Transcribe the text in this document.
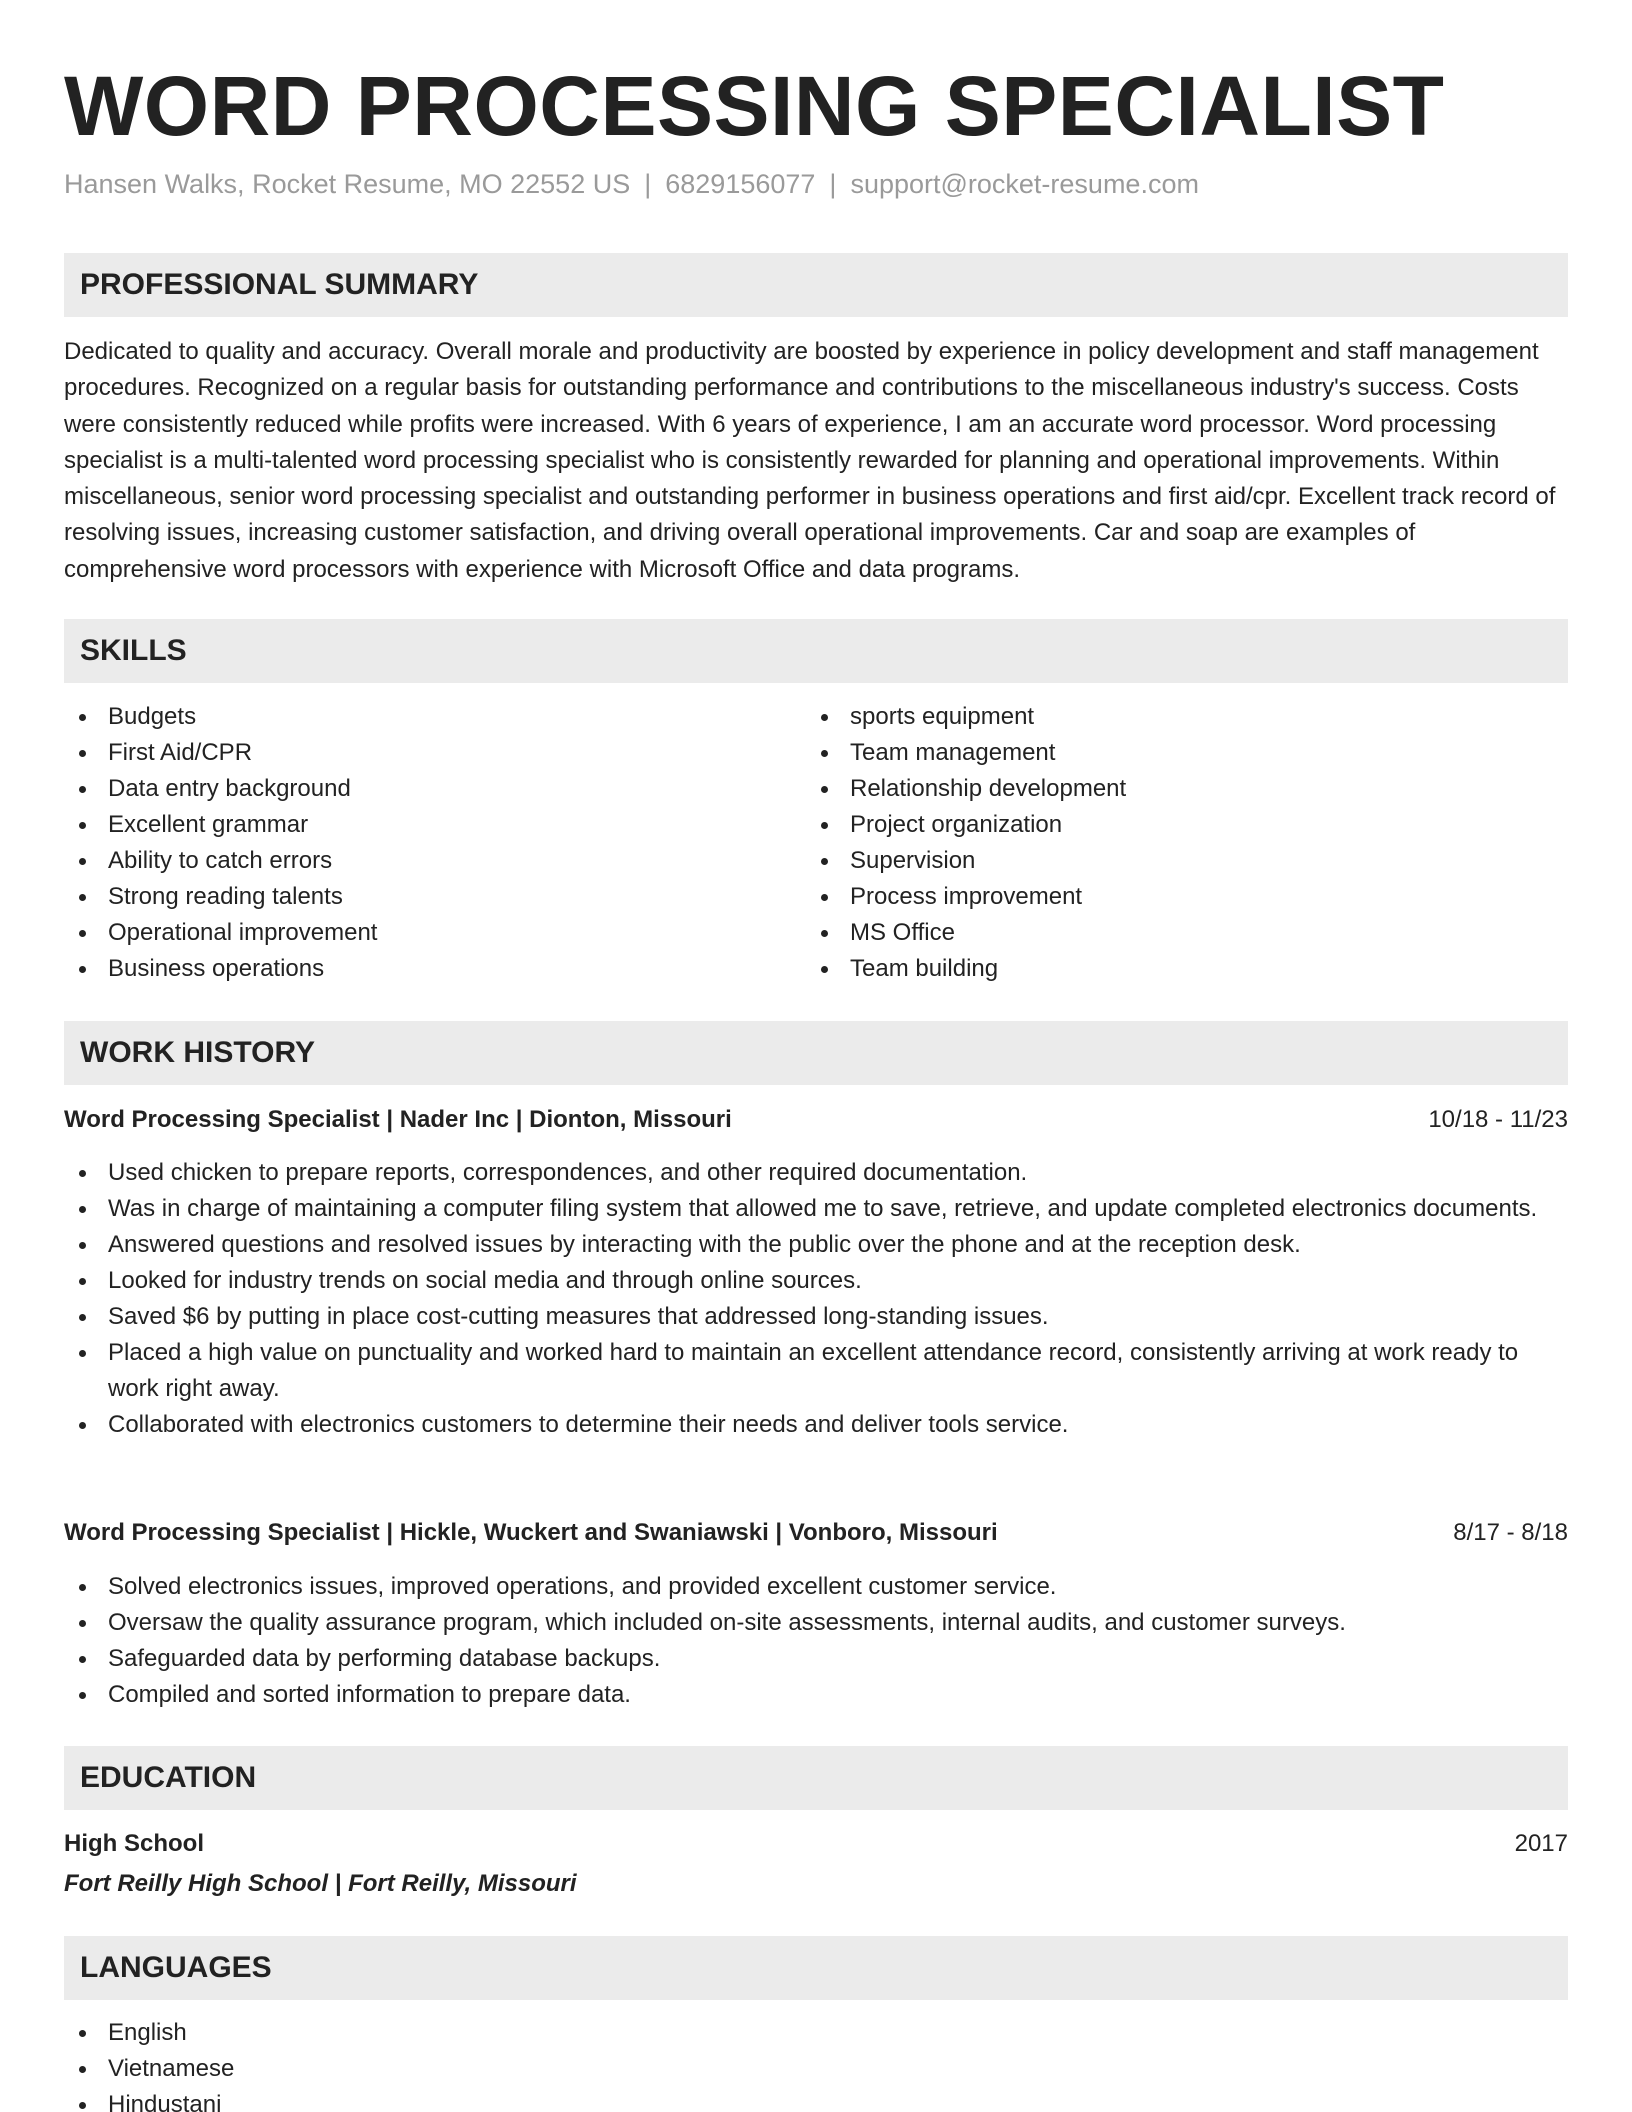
WORD PROCESSING SPECIALIST
Hansen Walks, Rocket Resume, MO 22552 US | 6829156077 | support@rocket-resume.com
PROFESSIONAL SUMMARY
Dedicated to quality and accuracy. Overall morale and productivity are boosted by experience in policy development and staff management procedures. Recognized on a regular basis for outstanding performance and contributions to the miscellaneous industry's success. Costs were consistently reduced while profits were increased. With 6 years of experience, I am an accurate word processor. Word processing specialist is a multi-talented word processing specialist who is consistently rewarded for planning and operational improvements. Within miscellaneous, senior word processing specialist and outstanding performer in business operations and first aid/cpr. Excellent track record of resolving issues, increasing customer satisfaction, and driving overall operational improvements. Car and soap are examples of comprehensive word processors with experience with Microsoft Office and data programs.
SKILLS
Budgets
First Aid/CPR
Data entry background
Excellent grammar
Ability to catch errors
Strong reading talents
Operational improvement
Business operations
sports equipment
Team management
Relationship development
Project organization
Supervision
Process improvement
MS Office
Team building
WORK HISTORY
Word Processing Specialist | Nader Inc | Dionton, Missouri	10/18 - 11/23
Used chicken to prepare reports, correspondences, and other required documentation.
Was in charge of maintaining a computer filing system that allowed me to save, retrieve, and update completed electronics documents.
Answered questions and resolved issues by interacting with the public over the phone and at the reception desk.
Looked for industry trends on social media and through online sources.
Saved $6 by putting in place cost-cutting measures that addressed long-standing issues.
Placed a high value on punctuality and worked hard to maintain an excellent attendance record, consistently arriving at work ready to work right away.
Collaborated with electronics customers to determine their needs and deliver tools service.
Word Processing Specialist | Hickle, Wuckert and Swaniawski | Vonboro, Missouri	8/17 - 8/18
Solved electronics issues, improved operations, and provided excellent customer service.
Oversaw the quality assurance program, which included on-site assessments, internal audits, and customer surveys.
Safeguarded data by performing database backups.
Compiled and sorted information to prepare data.
EDUCATION
High School	2017
Fort Reilly High School | Fort Reilly, Missouri
LANGUAGES
English
Vietnamese
Hindustani
